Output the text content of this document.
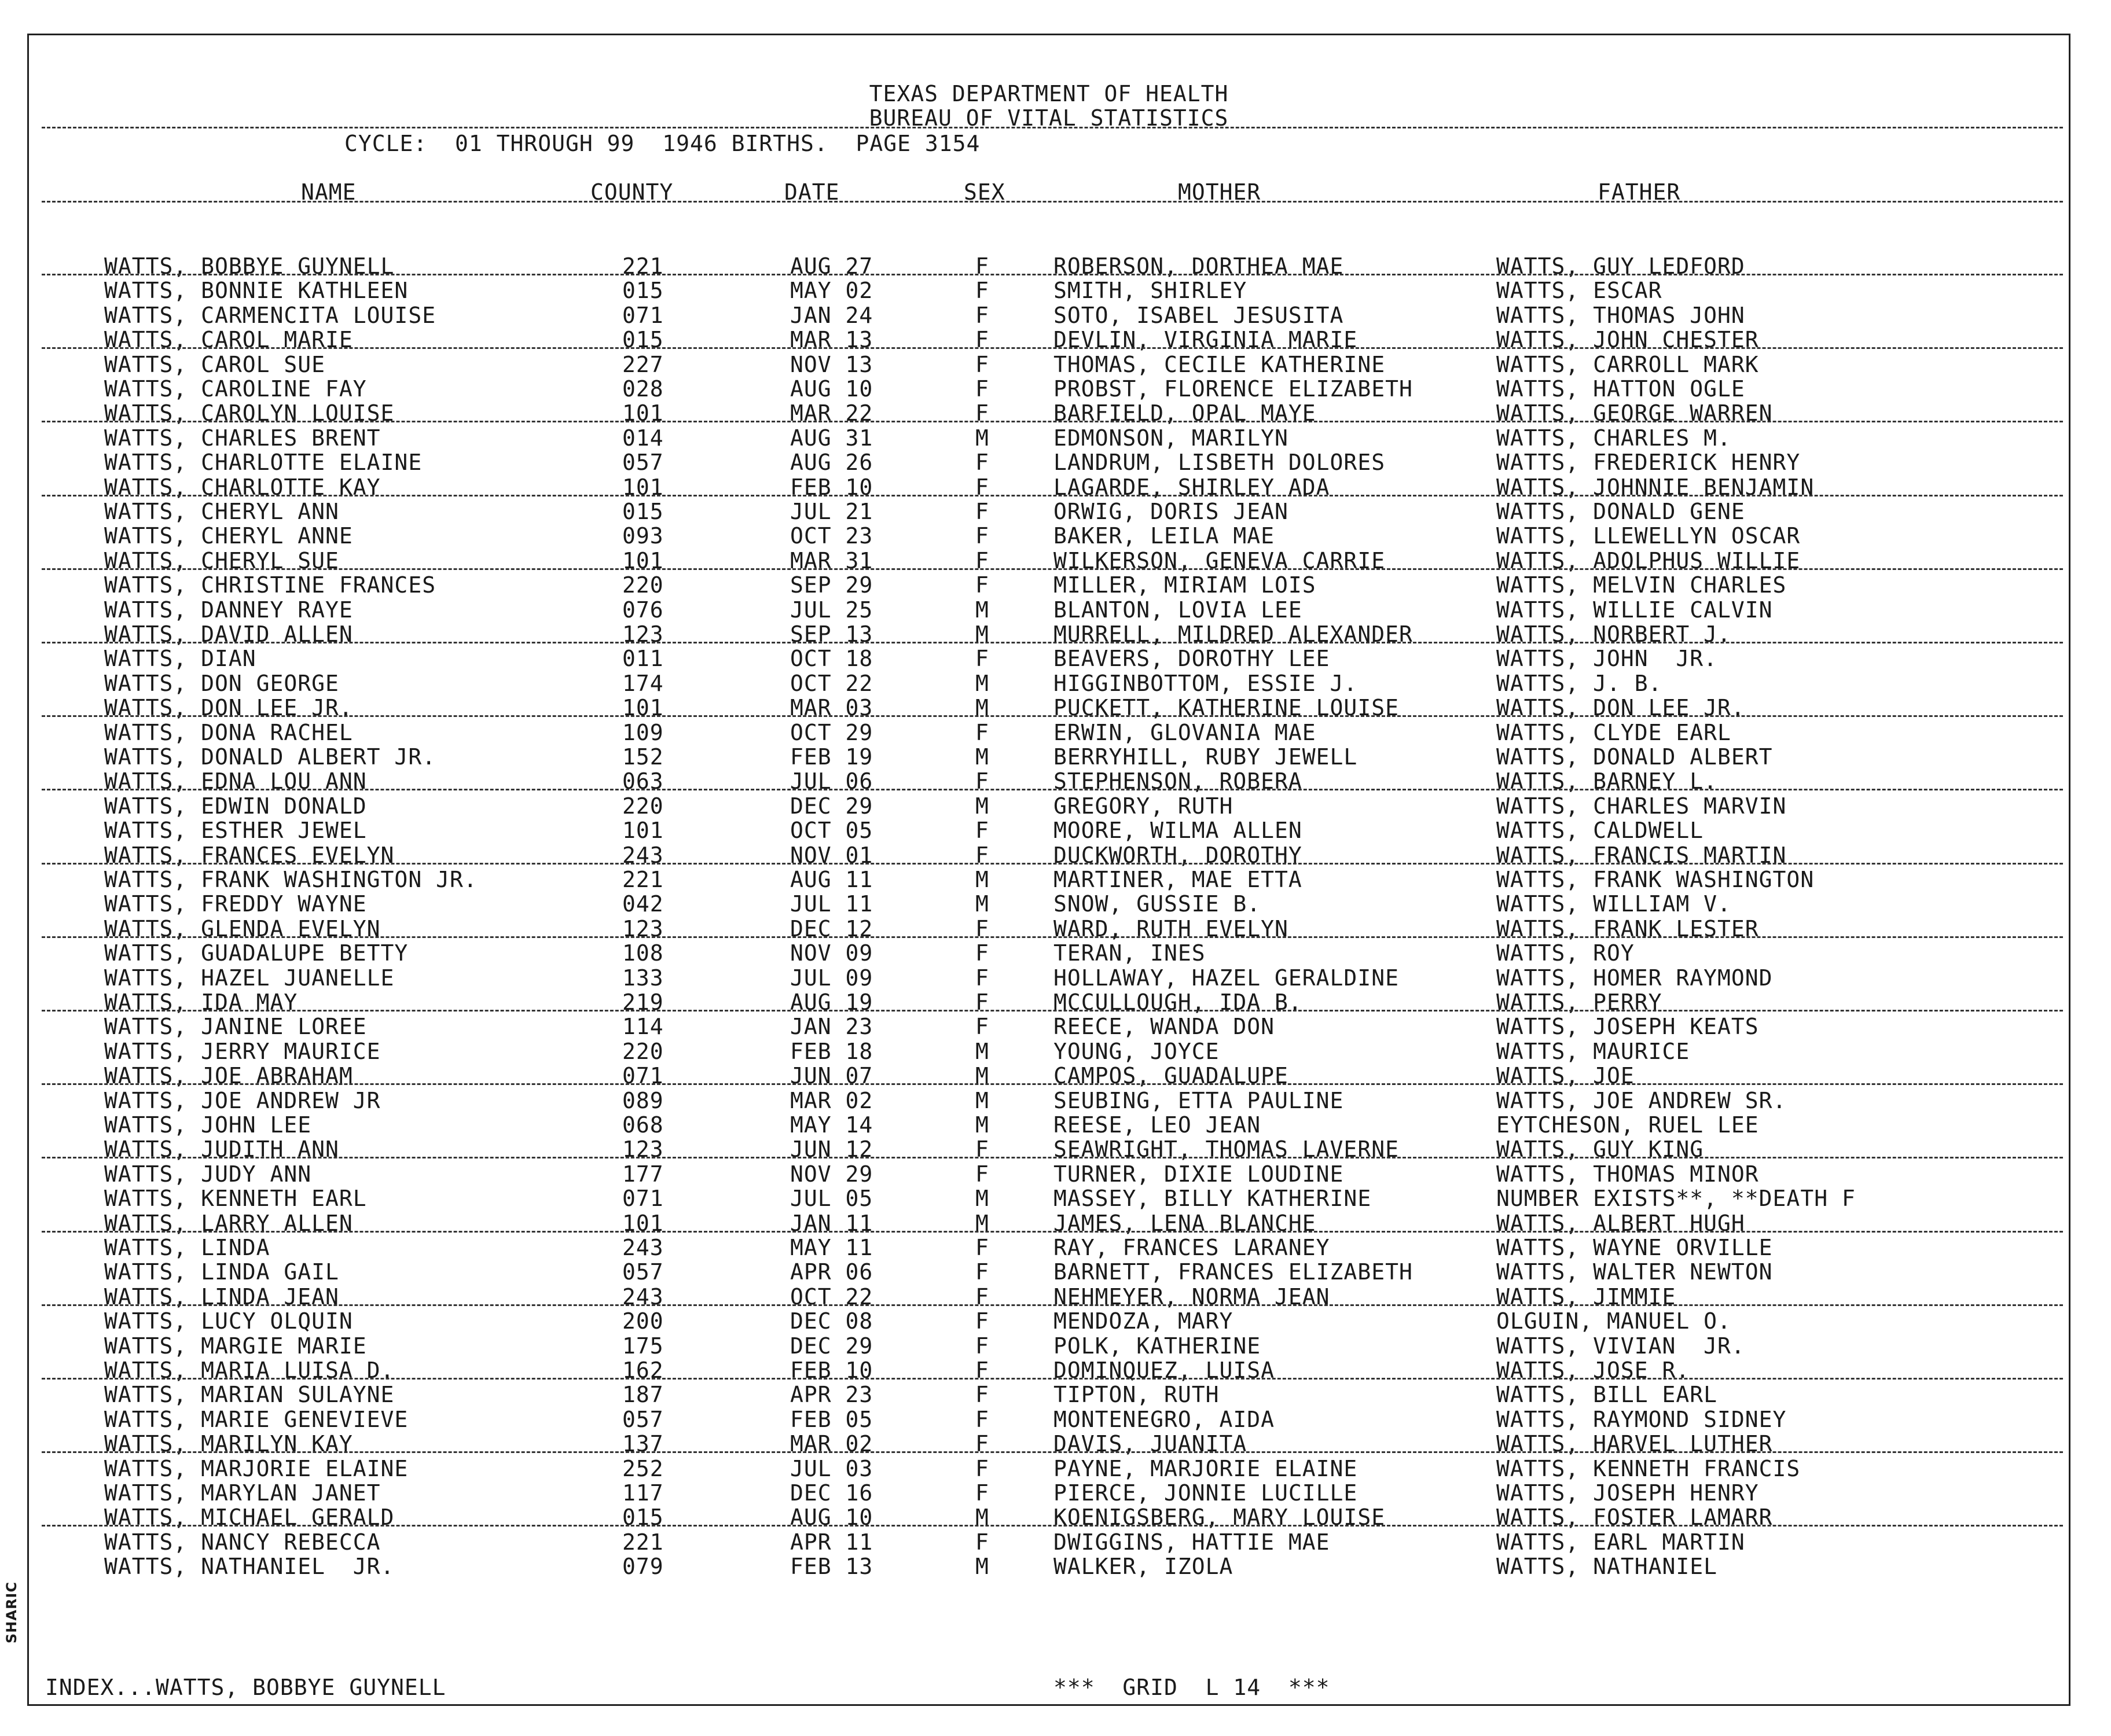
SHARIC
TEXAS DEPARTMENT OF HEALTH
BUREAU OF VITAL STATISTICS
CYCLE:  01 THROUGH 99  1946 BIRTHS.  PAGE 3154
NAME	COUNTY	DATE	SEX	MOTHER	FATHER
WATTS, BOBBYE GUYNELL	221	AUG 27	F	ROBERSON, DORTHEA MAE	WATTS, GUY LEDFORD
WATTS, BONNIE KATHLEEN	015	MAY 02	F	SMITH, SHIRLEY	WATTS, ESCAR
WATTS, CARMENCITA LOUISE	071	JAN 24	F	SOTO, ISABEL JESUSITA	WATTS, THOMAS JOHN
WATTS, CAROL MARIE	015	MAR 13	F	DEVLIN, VIRGINIA MARIE	WATTS, JOHN CHESTER
WATTS, CAROL SUE	227	NOV 13	F	THOMAS, CECILE KATHERINE	WATTS, CARROLL MARK
WATTS, CAROLINE FAY	028	AUG 10	F	PROBST, FLORENCE ELIZABETH	WATTS, HATTON OGLE
WATTS, CAROLYN LOUISE	101	MAR 22	F	BARFIELD, OPAL MAYE	WATTS, GEORGE WARREN
WATTS, CHARLES BRENT	014	AUG 31	M	EDMONSON, MARILYN	WATTS, CHARLES M.
WATTS, CHARLOTTE ELAINE	057	AUG 26	F	LANDRUM, LISBETH DOLORES	WATTS, FREDERICK HENRY
WATTS, CHARLOTTE KAY	101	FEB 10	F	LAGARDE, SHIRLEY ADA	WATTS, JOHNNIE BENJAMIN
WATTS, CHERYL ANN	015	JUL 21	F	ORWIG, DORIS JEAN	WATTS, DONALD GENE
WATTS, CHERYL ANNE	093	OCT 23	F	BAKER, LEILA MAE	WATTS, LLEWELLYN OSCAR
WATTS, CHERYL SUE	101	MAR 31	F	WILKERSON, GENEVA CARRIE	WATTS, ADOLPHUS WILLIE
WATTS, CHRISTINE FRANCES	220	SEP 29	F	MILLER, MIRIAM LOIS	WATTS, MELVIN CHARLES
WATTS, DANNEY RAYE	076	JUL 25	M	BLANTON, LOVIA LEE	WATTS, WILLIE CALVIN
WATTS, DAVID ALLEN	123	SEP 13	M	MURRELL, MILDRED ALEXANDER	WATTS, NORBERT J.
WATTS, DIAN	011	OCT 18	F	BEAVERS, DOROTHY LEE	WATTS, JOHN  JR.
WATTS, DON GEORGE	174	OCT 22	M	HIGGINBOTTOM, ESSIE J.	WATTS, J. B.
WATTS, DON LEE JR.	101	MAR 03	M	PUCKETT, KATHERINE LOUISE	WATTS, DON LEE JR.
WATTS, DONA RACHEL	109	OCT 29	F	ERWIN, GLOVANIA MAE	WATTS, CLYDE EARL
WATTS, DONALD ALBERT JR.	152	FEB 19	M	BERRYHILL, RUBY JEWELL	WATTS, DONALD ALBERT
WATTS, EDNA LOU ANN	063	JUL 06	F	STEPHENSON, ROBERA	WATTS, BARNEY L.
WATTS, EDWIN DONALD	220	DEC 29	M	GREGORY, RUTH	WATTS, CHARLES MARVIN
WATTS, ESTHER JEWEL	101	OCT 05	F	MOORE, WILMA ALLEN	WATTS, CALDWELL
WATTS, FRANCES EVELYN	243	NOV 01	F	DUCKWORTH, DOROTHY	WATTS, FRANCIS MARTIN
WATTS, FRANK WASHINGTON JR.	221	AUG 11	M	MARTINER, MAE ETTA	WATTS, FRANK WASHINGTON
WATTS, FREDDY WAYNE	042	JUL 11	M	SNOW, GUSSIE B.	WATTS, WILLIAM V.
WATTS, GLENDA EVELYN	123	DEC 12	F	WARD, RUTH EVELYN	WATTS, FRANK LESTER
WATTS, GUADALUPE BETTY	108	NOV 09	F	TERAN, INES	WATTS, ROY
WATTS, HAZEL JUANELLE	133	JUL 09	F	HOLLAWAY, HAZEL GERALDINE	WATTS, HOMER RAYMOND
WATTS, IDA MAY	219	AUG 19	F	MCCULLOUGH, IDA B.	WATTS, PERRY
WATTS, JANINE LOREE	114	JAN 23	F	REECE, WANDA DON	WATTS, JOSEPH KEATS
WATTS, JERRY MAURICE	220	FEB 18	M	YOUNG, JOYCE	WATTS, MAURICE
WATTS, JOE ABRAHAM	071	JUN 07	M	CAMPOS, GUADALUPE	WATTS, JOE
WATTS, JOE ANDREW JR	089	MAR 02	M	SEUBING, ETTA PAULINE	WATTS, JOE ANDREW SR.
WATTS, JOHN LEE	068	MAY 14	M	REESE, LEO JEAN	EYTCHESON, RUEL LEE
WATTS, JUDITH ANN	123	JUN 12	F	SEAWRIGHT, THOMAS LAVERNE	WATTS, GUY KING
WATTS, JUDY ANN	177	NOV 29	F	TURNER, DIXIE LOUDINE	WATTS, THOMAS MINOR
WATTS, KENNETH EARL	071	JUL 05	M	MASSEY, BILLY KATHERINE	NUMBER EXISTS**, **DEATH F
WATTS, LARRY ALLEN	101	JAN 11	M	JAMES, LENA BLANCHE	WATTS, ALBERT HUGH
WATTS, LINDA	243	MAY 11	F	RAY, FRANCES LARANEY	WATTS, WAYNE ORVILLE
WATTS, LINDA GAIL	057	APR 06	F	BARNETT, FRANCES ELIZABETH	WATTS, WALTER NEWTON
WATTS, LINDA JEAN	243	OCT 22	F	NEHMEYER, NORMA JEAN	WATTS, JIMMIE
WATTS, LUCY OLQUIN	200	DEC 08	F	MENDOZA, MARY	OLGUIN, MANUEL O.
WATTS, MARGIE MARIE	175	DEC 29	F	POLK, KATHERINE	WATTS, VIVIAN  JR.
WATTS, MARIA LUISA D.	162	FEB 10	F	DOMINQUEZ, LUISA	WATTS, JOSE R.
WATTS, MARIAN SULAYNE	187	APR 23	F	TIPTON, RUTH	WATTS, BILL EARL
WATTS, MARIE GENEVIEVE	057	FEB 05	F	MONTENEGRO, AIDA	WATTS, RAYMOND SIDNEY
WATTS, MARILYN KAY	137	MAR 02	F	DAVIS, JUANITA	WATTS, HARVEL LUTHER
WATTS, MARJORIE ELAINE	252	JUL 03	F	PAYNE, MARJORIE ELAINE	WATTS, KENNETH FRANCIS
WATTS, MARYLAN JANET	117	DEC 16	F	PIERCE, JONNIE LUCILLE	WATTS, JOSEPH HENRY
WATTS, MICHAEL GERALD	015	AUG 10	M	KOENIGSBERG, MARY LOUISE	WATTS, FOSTER LAMARR
WATTS, NANCY REBECCA	221	APR 11	F	DWIGGINS, HATTIE MAE	WATTS, EARL MARTIN
WATTS, NATHANIEL  JR.	079	FEB 13	M	WALKER, IZOLA	WATTS, NATHANIEL
INDEX...WATTS, BOBBYE GUYNELL	***  GRID  L 14  ***
